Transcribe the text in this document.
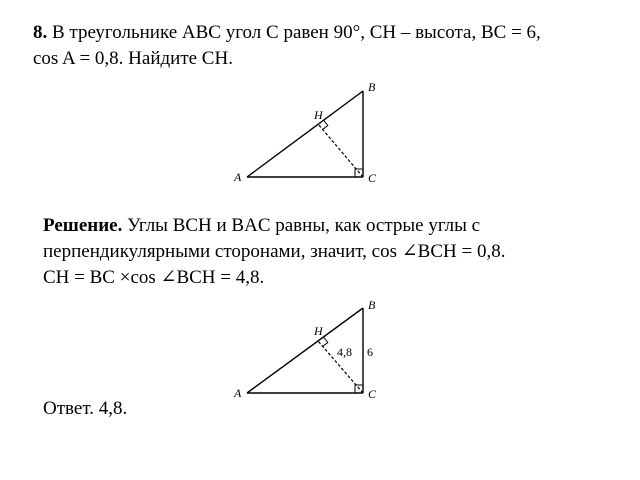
8. В треугольнике ABC угол C равен 90°, CH – высота, BC = 6,
cos A = 0,8. Найдите CH.
A
B
C
H
Решение. Углы BCH и BAC равны, как острые углы с
перпендикулярными сторонами, значит, cos ∠BCH = 0,8.
CH = BC ×cos ∠BCH = 4,8.
A
B
C
H
4,8 6
Ответ. 4,8.
